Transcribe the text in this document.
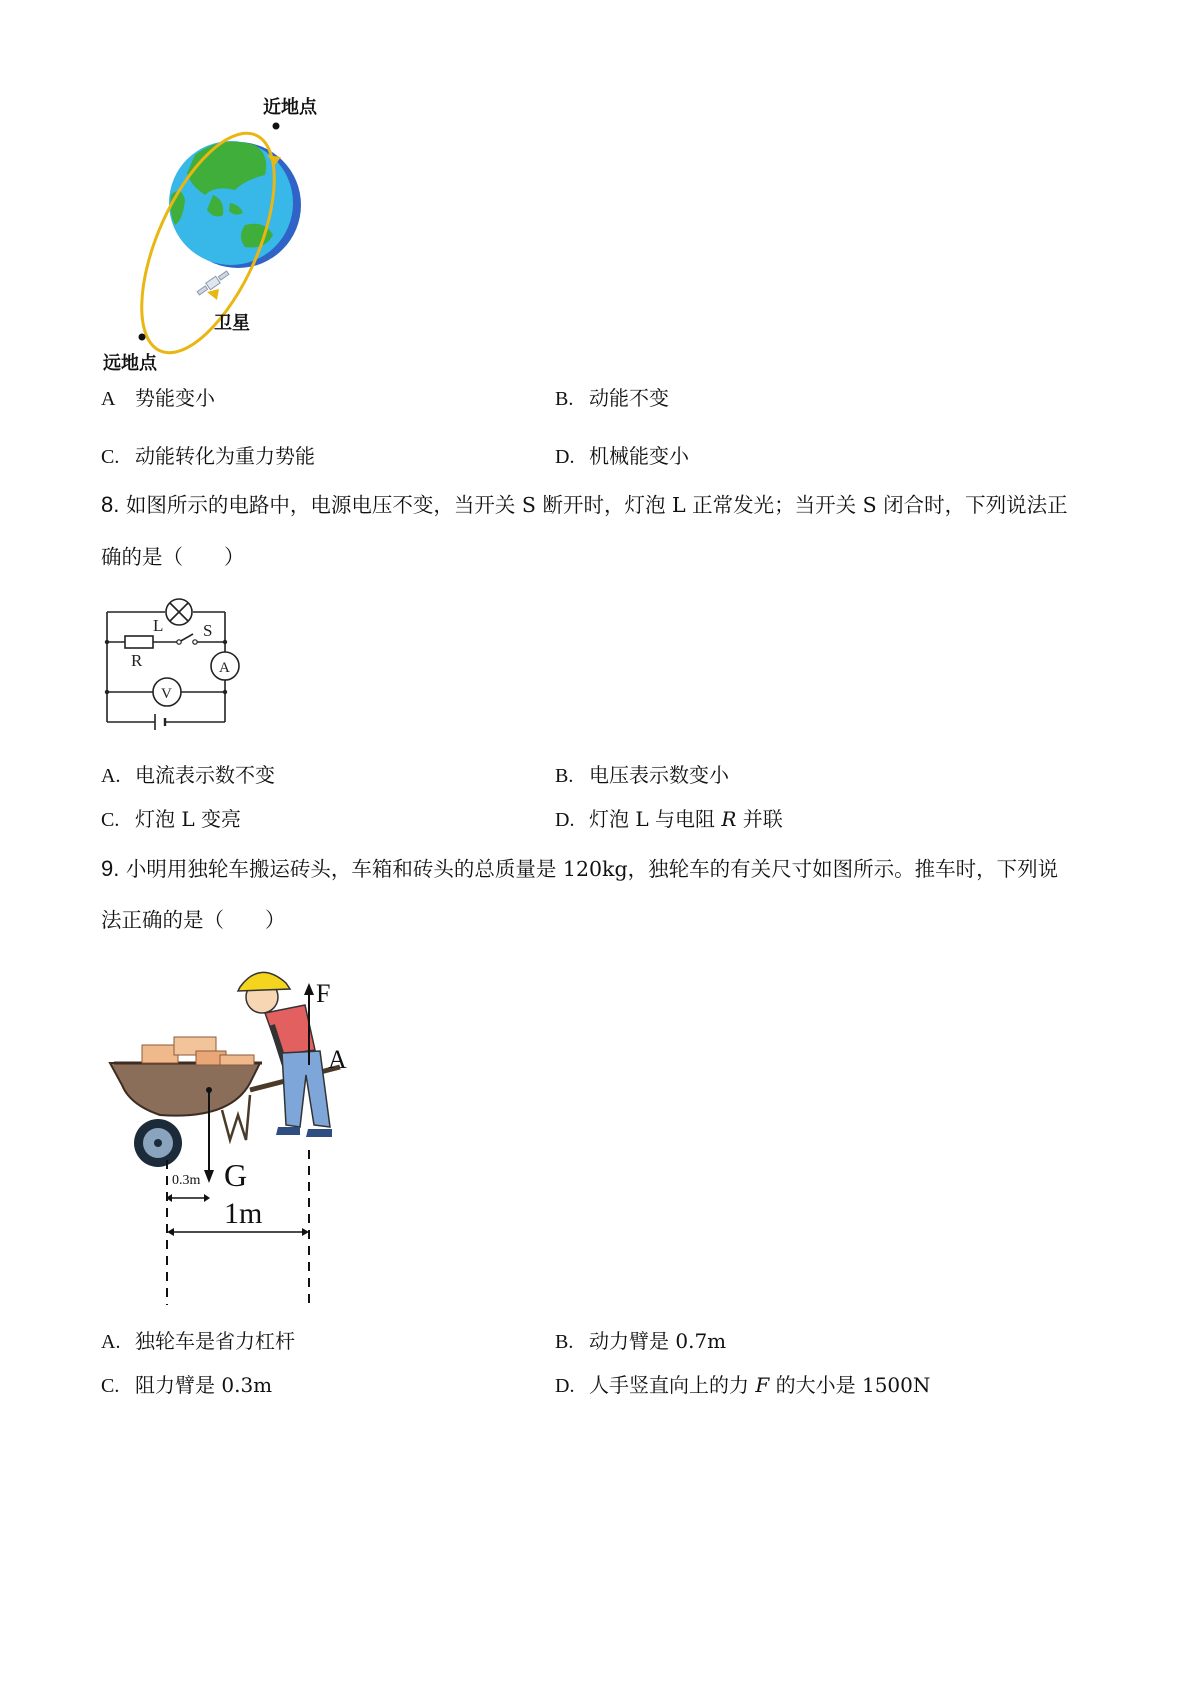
近地点
远地点
卫星
A 势能变小	B. 动能不变
C. 动能转化为重力势能	D. 机械能变小
8. 如图所示的电路中，电源电压不变，当开关 S 断开时，灯泡 L 正常发光；当开关 S 闭合时，下列说法正
确的是（　　）
L S
R	A
V
A. 电流表示数不变	B. 电压表示数变小
C. 灯泡 L 变亮	D. 灯泡 L 与电阻 R 并联
9. 小明用独轮车搬运砖头，车箱和砖头的总质量是 120kg，独轮车的有关尺寸如图所示。推车时，下列说
法正确的是（　　）
F
A
G
0.3m
1m
A. 独轮车是省力杠杆	B. 动力臂是 0.7m
C. 阻力臂是 0.3m	D. 人手竖直向上的力 F 的大小是 1500N
